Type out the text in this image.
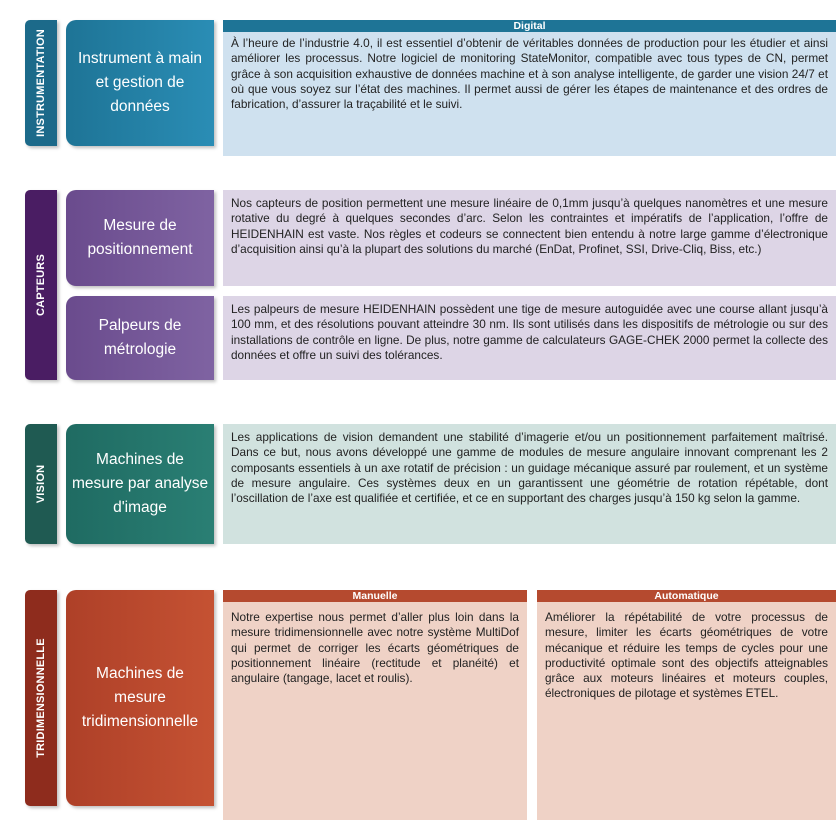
INSTRUMENTATION	Instrument à main et gestion de données
Digital
À l’heure de l’industrie 4.0, il est essentiel d’obtenir de véritables données de production pour les étudier et ainsi améliorer les processus. Notre logiciel de monitoring StateMonitor, compatible avec tous types de CN, permet grâce à son acquisition exhaustive de données machine et à son analyse intelligente, de garder une vision 24/7 et où que vous soyez sur l’état des machines. Il permet aussi de gérer les étapes de maintenance et des ordres de fabrication, d’assurer la traçabilité et le suivi.
CAPTEURS
Mesure de positionnement
Nos capteurs de position permettent une mesure linéaire de 0,1mm jusqu’à quelques nanomètres et une mesure rotative du degré à quelques secondes d’arc. Selon les contraintes et impératifs de l’application, l’offre de HEIDENHAIN est vaste. Nos règles et codeurs se connectent bien entendu à notre large gamme d’électronique d’acquisition ainsi qu’à la plupart des solutions du marché (EnDat, Profinet, SSI, Drive-Cliq, Biss, etc.)
Palpeurs de métrologie
Les palpeurs de mesure HEIDENHAIN possèdent une tige de mesure autoguidée avec une course allant jusqu’à 100 mm, et des résolutions pouvant atteindre 30 nm. Ils sont utilisés dans les dispositifs de métrologie ou sur des installations de contrôle en ligne. De plus, notre gamme de calculateurs GAGE-CHEK 2000 permet la collecte des données et offre un suivi des tolérances.
VISION
Machines de mesure par analyse d'image
Les applications de vision demandent une stabilité d’imagerie et/ou un positionnement parfaitement maîtrisé. Dans ce but, nous avons développé une gamme de modules de mesure angulaire innovant comprenant les 2 composants essentiels à un axe rotatif de précision : un guidage mécanique assuré par roulement, et un système de mesure angulaire. Ces systèmes deux en un garantissent une géométrie de rotation répétable, dont l’oscillation de l’axe est qualifiée et certifiée, et ce en supportant des charges jusqu’à 150 kg selon la gamme.
TRIDIMENSIONNELLE	Machines de mesure tridimensionnelle
Manuelle
Notre expertise nous permet d’aller plus loin dans la mesure tridimensionnelle avec notre système MultiDof qui permet de corriger les écarts géométriques de positionnement linéaire (rectitude et planéité) et angulaire (tangage, lacet et roulis).
Automatique
Améliorer la répétabilité de votre processus de mesure, limiter les écarts géométriques de votre mécanique et réduire les temps de cycles pour une productivité optimale sont des objectifs atteignables grâce aux moteurs linéaires et moteurs couples, électroniques de pilotage et systèmes ETEL.
